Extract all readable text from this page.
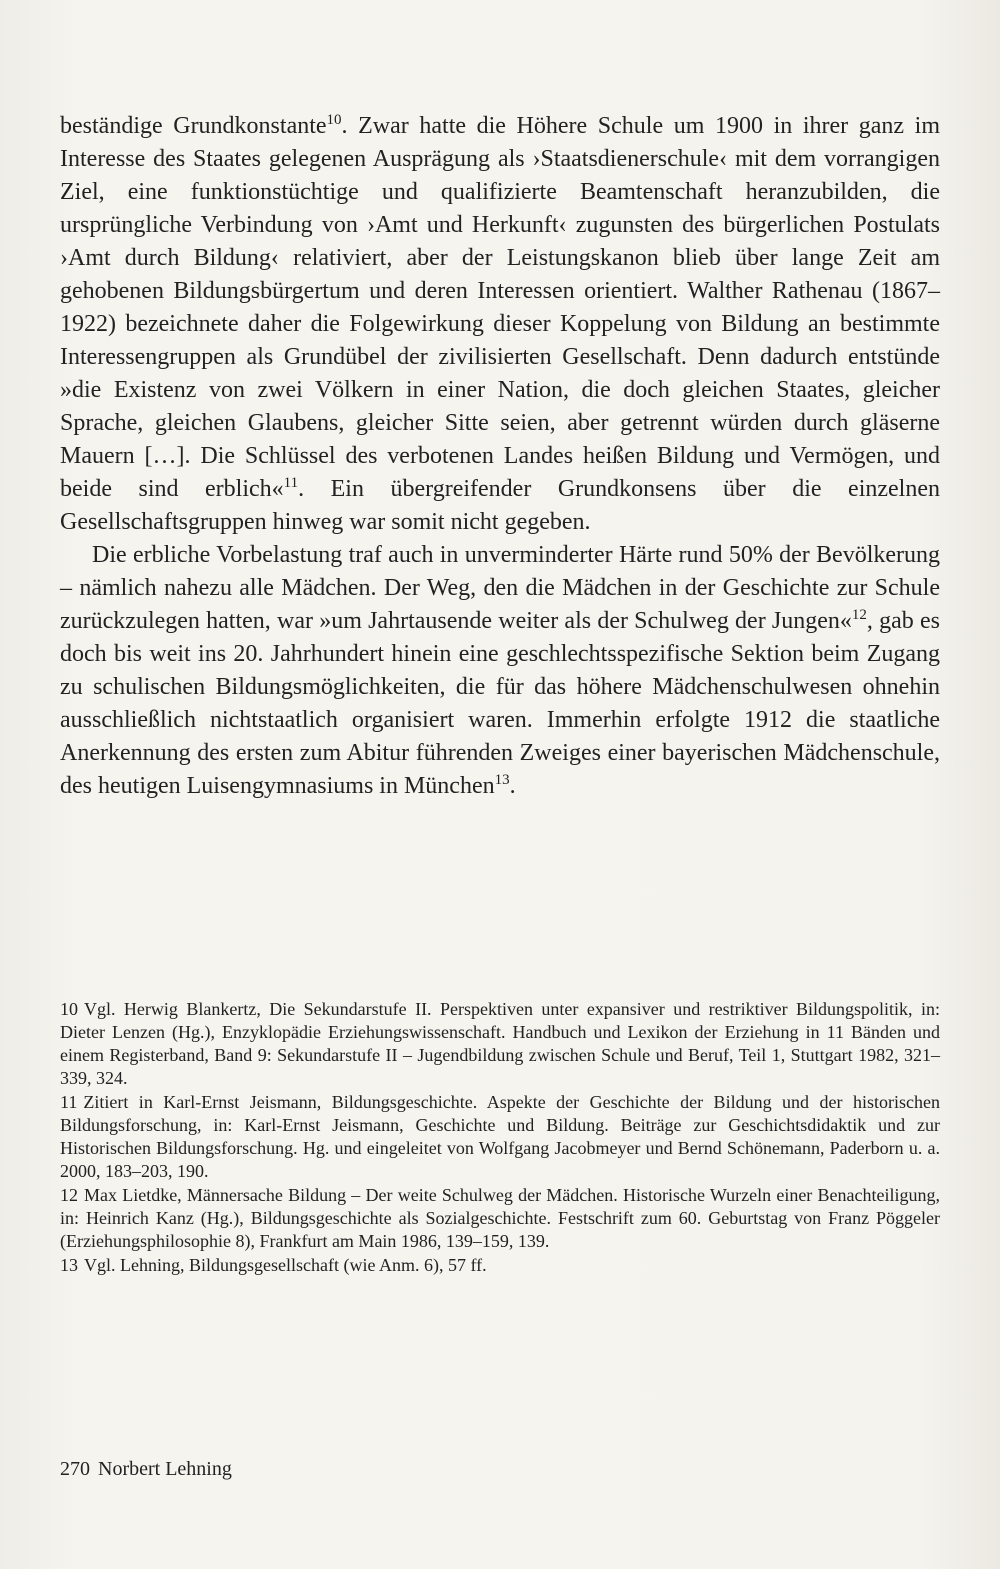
beständige Grundkonstante$^{10}$. Zwar hatte die Höhere Schule um 1900 in ihrer ganz im Interesse des Staates gelegenen Ausprägung als ›Staatsdienerschule‹ mit dem vorrangigen Ziel, eine funktionstüchtige und qualifizierte Beamtenschaft heranzubilden, die ursprüngliche Verbindung von ›Amt und Herkunft‹ zugunsten des bürgerlichen Postulats ›Amt durch Bildung‹ relativiert, aber der Leistungskanon blieb über lange Zeit am gehobenen Bildungsbürgertum und deren Interessen orientiert. Walther Rathenau (1867–1922) bezeichnete daher die Folgewirkung dieser Koppelung von Bildung an bestimmte Interessengruppen als Grundübel der zivilisierten Gesellschaft. Denn dadurch entstünde »die Existenz von zwei Völkern in einer Nation, die doch gleichen Staates, gleicher Sprache, gleichen Glaubens, gleicher Sitte seien, aber getrennt würden durch gläserne Mauern […]. Die Schlüssel des verbotenen Landes heißen Bildung und Vermögen, und beide sind erblich«$^{11}$. Ein übergreifender Grundkonsens über die einzelnen Gesellschaftsgruppen hinweg war somit nicht gegeben.

Die erbliche Vorbelastung traf auch in unverminderter Härte rund 50% der Bevölkerung – nämlich nahezu alle Mädchen. Der Weg, den die Mädchen in der Geschichte zur Schule zurückzulegen hatten, war »um Jahrtausende weiter als der Schulweg der Jungen«$^{12}$, gab es doch bis weit ins 20. Jahrhundert hinein eine geschlechtsspezifische Sektion beim Zugang zu schulischen Bildungsmöglichkeiten, die für das höhere Mädchenschulwesen ohnehin ausschließlich nichtstaatlich organisiert waren. Immerhin erfolgte 1912 die staatliche Anerkennung des ersten zum Abitur führenden Zweiges einer bayerischen Mädchenschule, des heutigen Luisengymnasiums in München$^{13}$.

10 Vgl. Herwig Blankertz, Die Sekundarstufe II. Perspektiven unter expansiver und restriktiver Bildungspolitik, in: Dieter Lenzen (Hg.), Enzyklopädie Erziehungswissenschaft. Handbuch und Lexikon der Erziehung in 11 Bänden und einem Registerband, Band 9: Sekundarstufe II – Jugendbildung zwischen Schule und Beruf, Teil 1, Stuttgart 1982, 321–339, 324.

11 Zitiert in Karl-Ernst Jeismann, Bildungsgeschichte. Aspekte der Geschichte der Bildung und der historischen Bildungsforschung, in: Karl-Ernst Jeismann, Geschichte und Bildung. Beiträge zur Geschichtsdidaktik und zur Historischen Bildungsforschung. Hg. und eingeleitet von Wolfgang Jacobmeyer und Bernd Schönemann, Paderborn u. a. 2000, 183–203, 190.

12 Max Lietdke, Männersache Bildung – Der weite Schulweg der Mädchen. Historische Wurzeln einer Benachteiligung, in: Heinrich Kanz (Hg.), Bildungsgeschichte als Sozialgeschichte. Festschrift zum 60. Geburtstag von Franz Pöggeler (Erziehungsphilosophie 8), Frankfurt am Main 1986, 139–159, 139.

13 Vgl. Lehning, Bildungsgesellschaft (wie Anm. 6), 57 ff.

270 Norbert Lehning
